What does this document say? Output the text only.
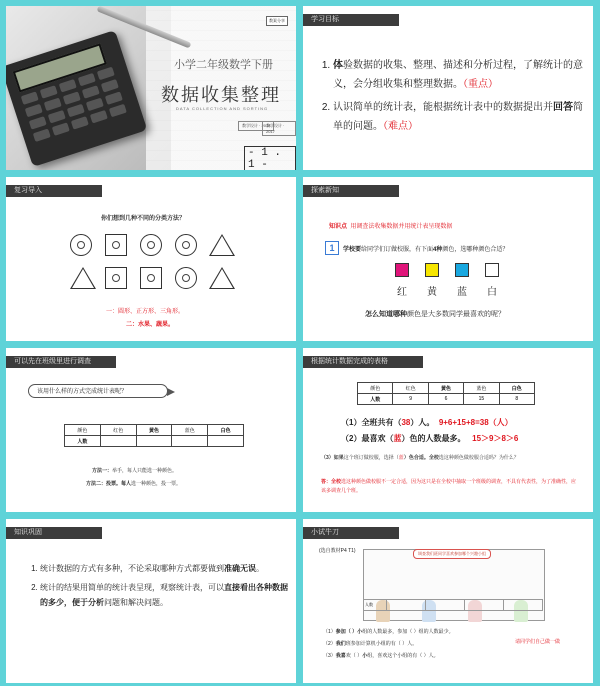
教案分享
小学二年级数学下册
数据收集整理
DATA COLLECTION AND SORTING
教学设计 · 2018
教学设计 · 2017
- 1 . 1 -
学习目标
1. 体验数据的收集、整理、描述和分析过程，了解统计的意义，会分组收集和整理数据。（重点）
2. 认识简单的统计表，能根据统计表中的数据提出并回答简单的问题。（难点）
复习导入
你们想到几种不同的分类方法？
一：圆形、正方形、三角形。
二：水果、蔬果。
探索新知
知识点 用调查法收集数据并用统计表呈现数据
1	学校要给同学们订做校服，有下面4种颜色，选哪种颜色合适？
红 黄 蓝 白
怎么知道哪种颜色是大多数同学最喜欢的呢？
可以先在班级里进行调查
该用什么样的方式完成统计表呢？
颜色	红色	黄色	蓝色	白色
人数				
方法一：举手，每人只能选一种颜色。
方法二：投票。每人选一种颜色，投一票。
根据统计数据完成的表格
颜色	红色	黄色	蓝色	白色
人数	9	6	15	8
（1）全班共有（38）人。 9+6+15+8=38（人）
（2）最喜欢（蓝）色的人数最多。 15＞9＞8＞6
（3）如果这个班订做校服，选择（蓝）色合适。全校选这种颜色做校服合适吗？为什么？
答：全校选这种颜色做校服不一定合适，因为这只是在全校中抽取一个班级的调查，不具有代表性，为了准确性，应该多调查几个班。
知识巩固
1. 统计数据的方式有多种，不论采取哪种方式都要做到准确无误。
2. 统计的结果用简单的统计表呈现，观察统计表，可以直接看出各种数据的多少，便于分析问题和解决问题。
小试牛刀
(选自教材P4 T1)	调查我们班同学喜欢参加哪个兴趣小组
人数				
（1）参加（ ）小组的人数最多，参加（ ）组的人数最少。
（2）我们班参加计算机小组的有（ ）人。
（3）我喜欢（ ）小组，喜欢这个小组的有（ ）人。
请同学们自己做一做
